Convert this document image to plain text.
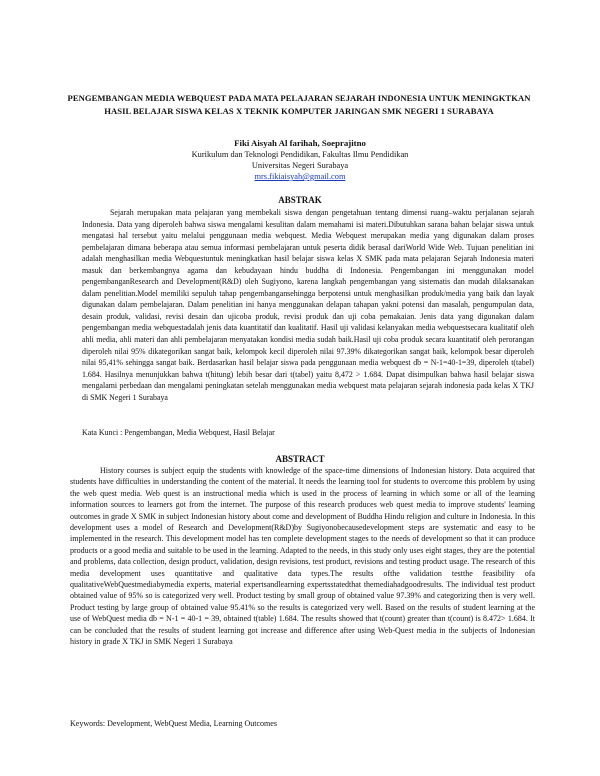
PENGEMBANGAN MEDIA WEBQUEST PADA MATA PELAJARAN SEJARAH INDONESIA UNTUK MENINGKTKAN HASIL BELAJAR SISWA KELAS X TEKNIK KOMPUTER JARINGAN SMK NEGERI 1 SURABAYA
Fiki Aisyah Al farihah, Soeprajitno
Kurikulum dan Teknologi Pendidikan, Fakultas Ilmu Pendidikan
Universitas Negeri Surabaya
mrs.fikiaisyah@gmail.com
ABSTRAK

Sejarah merupakan mata pelajaran yang membekali siswa dengan pengetahuan tentang dimensi ruang–waktu perjalanan sejarah Indonesia. Data yang diperoleh bahwa siswa mengalami kesulitan dalam memahami isi materi.Dibutuhkan sarana bahan belajar siswa untuk mengatasi hal tersebut yaitu melalui penggunaan media webquest. Media Webquest merupakan media yang digunakan dalam proses pembelajaran dimana beberapa atau semua informasi pembelajaran untuk peserta didik berasal dariWorld Wide Web. Tujuan penelitian ini adalah menghasilkan media Webquestuntuk meningkatkan hasil belajar siswa kelas X SMK pada mata pelajaran Sejarah Indonesia materi masuk dan berkembangnya agama dan kebudayaan hindu buddha di Indonesia. Pengembangan ini menggunakan model pengembanganResearch and Development(R&D) oleh Sugiyono, karena langkah pengembangan yang sistematis dan mudah dilaksanakan dalam penelitian.Model memiliki sepuluh tahap pengembangansehingga berpotensi untuk menghasilkan produk/media yang baik dan layak digunakan dalam pembelajaran. Dalam penelitian ini hanya menggunakan delapan tahapan yakni potensi dan masalah, pengumpulan data, desain produk, validasi, revisi desain dan ujicoba produk, revisi produk dan uji coba pemakaian. Jenis data yang digunakan dalam pengembangan media webquestadalah jenis data kuantitatif dan kualitatif. Hasil uji validasi kelanyakan media webquestsecara kualitatif oleh ahli media, ahli materi dan ahli pembelajaran menyatakan kondisi media sudah baik.Hasil uji coba produk secara kuantitatif oleh perorangan diperoleh nilai 95% dikategorikan sangat baik, kelompok kecil diperoleh nilai 97.39% dikategorikan sangat baik, kelompok besar diperoleh nilai 95,41% sehingga sangat baik. Berdasarkan hasil belajar siswa pada penggunaan media webquest db = N-1=40-1=39, diperoleh t(tabel) 1.684. Hasilnya menunjukkan bahwa t(hitung) lebih besar dari t(tabel) yaitu 8,472 > 1.684. Dapat disimpulkan bahwa hasil belajar siswa mengalami perbedaan dan mengalami peningkatan setelah menggunakan media webquest mata pelajaran sejarah indonesia pada kelas X TKJ di SMK Negeri 1 Surabaya

Kata Kunci : Pengembangan, Media Webquest, Hasil Belajar

ABSTRACT

History courses is subject equip the students with knowledge of the space-time dimensions of Indonesian history. Data acquired that students have difficulties in understanding the content of the material. It needs the learning tool for students to overcome this problem by using the web quest media. Web quest is an instructional media which is used in the process of learning in which some or all of the learning information sources to learners got from the internet. The purpose of this research produces web quest media to improve students' learning outcomes in grade X SMK in subject Indonesian history about come and development of Buddha Hindu religion and culture in Indonesia. In this development uses a model of Research and Development(R&D)by Sugiyonobecausedevelopment steps are systematic and easy to be implemented in the research. This development model has ten complete development stages to the needs of development so that it can produce products or a good media and suitable to be used in the learning. Adapted to the needs, in this study only uses eight stages, they are the potential and problems, data collection, design product, validation, design revisions, test product, revisions and testing product usage. The research of this media development uses quantitative and qualitative data types.The results ofthe validation testthe feasibility ofa qualitativeWebQuestmediabymedia experts, material expertsandlearning expertsstatedthat themediahadgoodresults. The individual test product obtained value of 95% so is categorized very well. Product testing by small group of obtained value 97.39% and categorizing then is very well. Product testing by large group of obtained value 95.41% so the results is categorized very well. Based on the results of student learning at the use of WebQuest media db = N-1 = 40-1 = 39, obtained t(table) 1.684. The results showed that t(count) greater than t(count) is 8.472> 1.684. It can be concluded that the results of student learning got increase and difference after using Web-Quest media in the subjects of Indonesian history in grade X TKJ in SMK Negeri 1 Surabaya

Keywords: Development, WebQuest Media, Learning Outcomes
